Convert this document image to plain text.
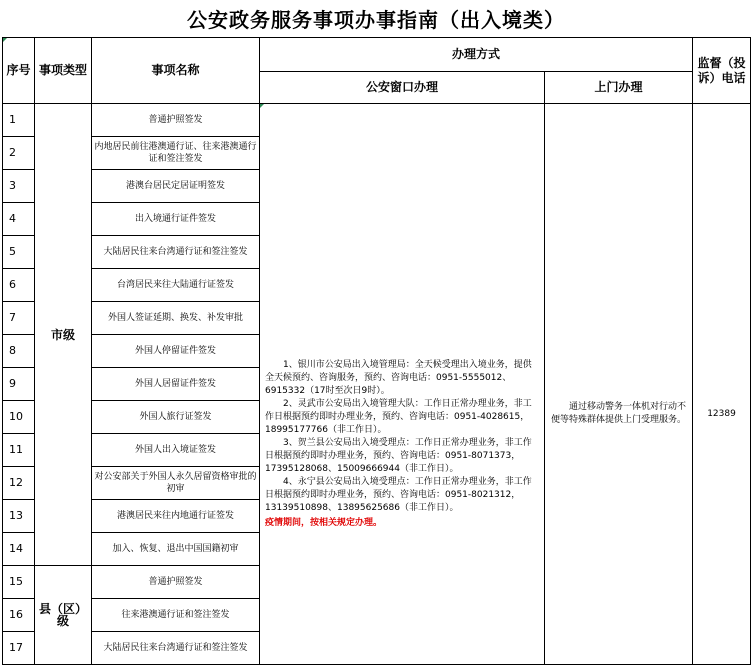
公安政务服务事项办事指南（出入境类）
序号	事项类型	事项名称	办理方式		监督（投诉）电话
			公安窗口办理	上门办理	
1	市级	普通护照签发	1、银川市公安局出入境管理局：全天候受理出入境业务，提供全天候预约、咨询服务，预约、咨询电话：0951-5555012、6915332（17时至次日9时）。

2、灵武市公安局出入境管理大队：工作日正常办理业务，非工作日根据预约即时办理业务，预约、咨询电话：0951-4028615，18995177766（非工作日）。

3、贺兰县公安局出入境受理点：工作日正常办理业务，非工作日根据预约即时办理业务，预约、咨询电话：0951-8071373，17395128068、15009666944（非工作日）。

4、永宁县公安局出入境受理点：工作日正常办理业务，非工作日根据预约即时办理业务，预约、咨询电话：0951-8021312，13139510898、13895625686（非工作日）。

疫情期间，按相关规定办理。	通过移动警务一体机对行动不便等特殊群体提供上门受理服务。	12389
2		内地居民前往港澳通行证、往来港澳通行证和签注签发			
3		港澳台居民定居证明签发			
4		出入境通行证件签发			
5		大陆居民往来台湾通行证和签注签发			
6		台湾居民来往大陆通行证签发			
7		外国人签证延期、换发、补发审批			
8		外国人停留证件签发			
9		外国人居留证件签发			
10		外国人旅行证签发			
11		外国人出入境证签发			
12		对公安部关于外国人永久居留资格审批的初审			
13		港澳居民来往内地通行证签发			
14		加入、恢复、退出中国国籍初审			
15	县（区）级	普通护照签发			
16		往来港澳通行证和签注签发			
17		大陆居民往来台湾通行证和签注签发			
